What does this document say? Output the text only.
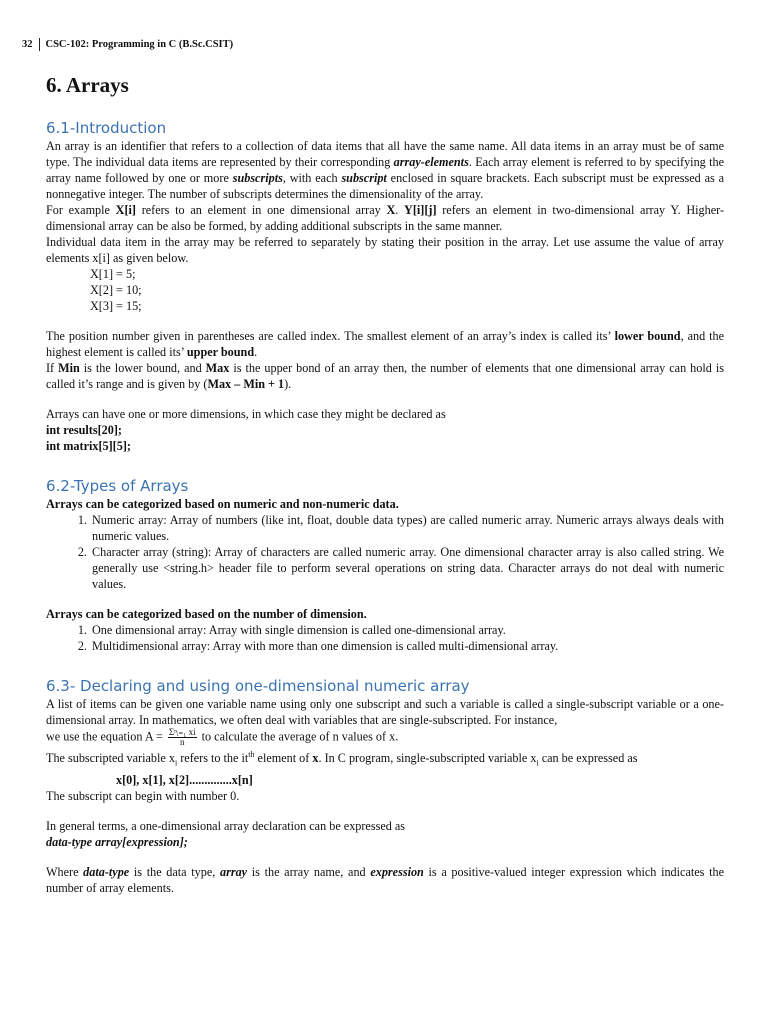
32	CSC-102: Programming in C (B.Sc.CSIT)
6. Arrays
6.1-Introduction

An array is an identifier that refers to a collection of data items that all have the same name. All data items in an array must be of same type. The individual data items are represented by their corresponding array-elements. Each array element is referred to by specifying the array name followed by one or more subscripts, with each subscript enclosed in square brackets. Each subscript must be expressed as a nonnegative integer. The number of subscripts determines the dimensionality of the array.

For example X[i] refers to an element in one dimensional array X. Y[i][j] refers an element in two-dimensional array Y. Higher-dimensional array can be also be formed, by adding additional subscripts in the same manner.

Individual data item in the array may be referred to separately by stating their position in the array. Let use assume the value of array elements x[i] as given below.

X[1] = 5;
X[2] = 10;
X[3] = 15;

The position number given in parentheses are called index. The smallest element of an array’s index is called its’ lower bound, and the highest element is called its’ upper bound.

If Min is the lower bound, and Max is the upper bond of an array then, the number of elements that one dimensional array can hold is called it’s range and is given by (Max – Min + 1).

Arrays can have one or more dimensions, in which case they might be declared as

int results[20];

int matrix[5][5];

6.2-Types of Arrays

Arrays can be categorized based on numeric and non-numeric data.

1. Numeric array: Array of numbers (like int, float, double data types) are called numeric array. Numeric arrays always deals with numeric values.
2. Character array (string): Array of characters are called numeric array. One dimensional character array is also called string. We generally use <string.h> header file to perform several operations on string data. Character arrays do not deal with numeric values.

Arrays can be categorized based on the number of dimension.

1. One dimensional array: Array with single dimension is called one-dimensional array.
2. Multidimensional array: Array with more than one dimension is called multi-dimensional array.
6.3- Declaring and using one-dimensional numeric array

A list of items can be given one variable name using only one subscript and such a variable is called a single-subscript variable or a one-dimensional array. In mathematics, we often deal with variables that are single-subscripted. For instance,

we use the equation $A = \frac{\text{Σⁿᵢ₌₁ xi}}{n}$ to calculate the average of n values of x.

The subscripted variable $x_i$ refers to the $it^{th}$ element of x. In C program, single-subscripted variable $x_i$ can be expressed as

x[0], x[1], x[2]..............x[n]

The subscript can begin with number 0.

In general terms, a one-dimensional array declaration can be expressed as

data-type array[expression];

Where data-type is the data type, array is the array name, and expression is a positive-valued integer expression which indicates the number of array elements.
